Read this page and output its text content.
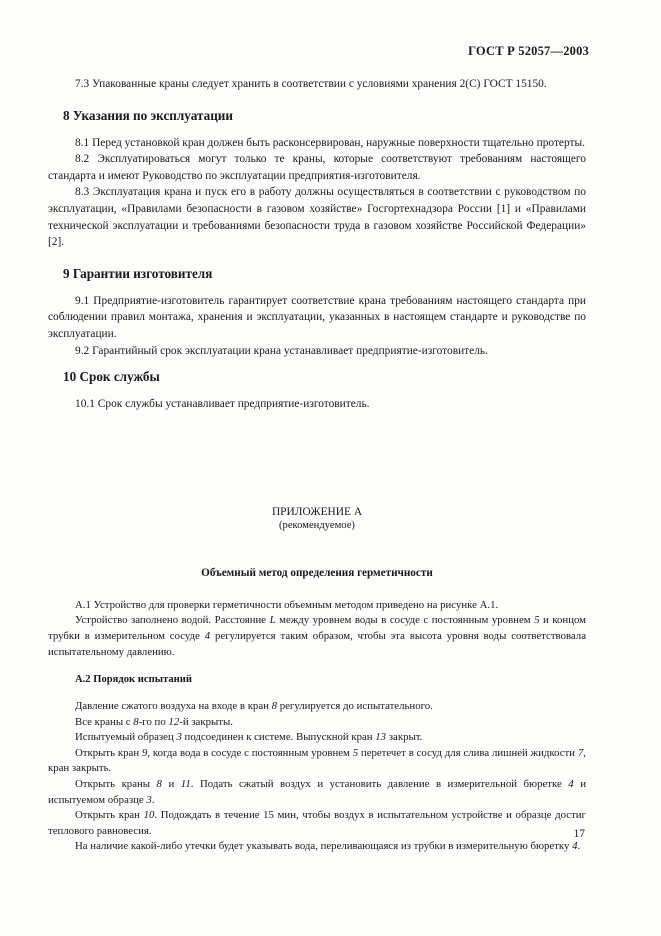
ГОСТ Р 52057—2003

7.3 Упакованные краны следует хранить в соответствии с условиями хранения 2(С) ГОСТ 15150.

8 Указания по эксплуатации

8.1 Перед установкой кран должен быть расконсервирован, наружные поверхности тщательно протерты.

8.2 Эксплуатироваться могут только те краны, которые соответствуют требованиям настоящего стандарта и имеют Руководство по эксплуатации предприятия-изготовителя.

8.3 Эксплуатация крана и пуск его в работу должны осуществляться в соответствии с руководством по эксплуатации, «Правилами безопасности в газовом хозяйстве» Госгортехнадзора России [1] и «Правилами технической эксплуатации и требованиями безопасности труда в газовом хозяйстве Российской Федерации» [2].

9 Гарантии изготовителя

9.1 Предприятие-изготовитель гарантирует соответствие крана требованиям настоящего стандарта при соблюдении правил монтажа, хранения и эксплуатации, указанных в настоящем стандарте и руководстве по эксплуатации.

9.2 Гарантийный срок эксплуатации крана устанавливает предприятие-изготовитель.

10 Срок службы

10.1 Срок службы устанавливает предприятие-изготовитель.

ПРИЛОЖЕНИЕ А
(рекомендуемое)
Объемный метод определения герметичности

А.1 Устройство для проверки герметичности объемным методом приведено на рисунке А.1.

Устройство заполнено водой. Расстояние L между уровнем воды в сосуде с постоянным уровнем 5 и концом трубки в измерительном сосуде 4 регулируется таким образом, чтобы эта высота уровня воды соответствовала испытательному давлению.

А.2 Порядок испытаний

Давление сжатого воздуха на входе в кран 8 регулируется до испытательного.

Все краны с 8-го по 12-й закрыты.

Испытуемый образец 3 подсоединен к системе. Выпускной кран 13 закрыт.

Открыть кран 9, когда вода в сосуде с постоянным уровнем 5 перетечет в сосуд для слива лишней жидкости 7, кран закрыть.

Открыть краны 8 и 11. Подать сжатый воздух и установить давление в измерительной бюретке 4 и испытуемом образце 3.

Открыть кран 10. Подождать в течение 15 мин, чтобы воздух в испытательном устройстве и образце достиг теплового равновесия.

На наличие какой-либо утечки будет указывать вода, переливающаяся из трубки в измерительную бюретку 4.

17
